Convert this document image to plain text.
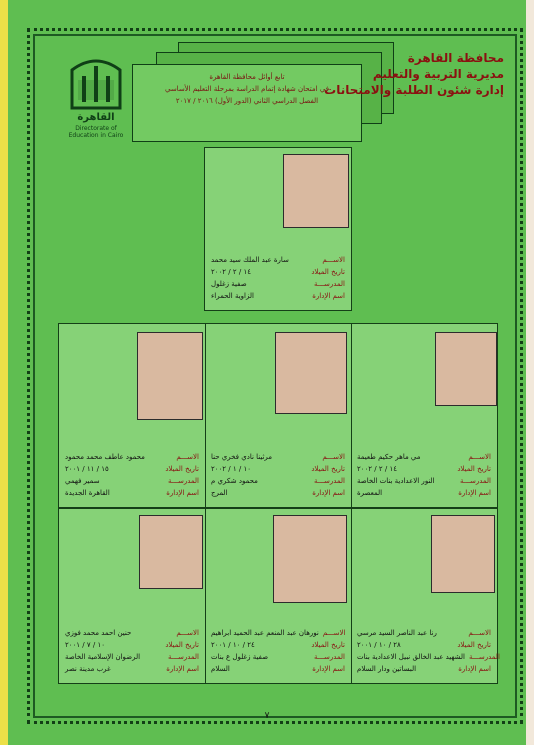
القاهرة
Directorate of Education in Cairo
تابع أوائل محافظة القاهرة
في امتحان شهادة إتمام الدراسة بمرحلة التعليم الأساسي
الفصل الدراسي الثاني (الدور الأول) ٢٠١٦ / ٢٠١٧
محافظة القاهرة
مديرية التربية والتعليم
إدارة شئون الطلبة والامتحانات
سارة عبد الملك سيد محمد	الاســـم
١٤ / ٢ / ٢٠٠٢	تاريخ الميلاد
صفية زغلول	المدرســـة
الزاوية الحمراء	اسم الإدارة
مي ماهر حكيم طعيمة	الاســـم
١٤ / ٢ / ٢٠٠٢	تاريخ الميلاد
النور الاعدادية بنات الخاصة	المدرســـة
المعصرة	اسم الإدارة
مرثينا نادي فخري حنا	الاســـم
١٠ / ١ / ٢٠٠٢	تاريخ الميلاد
محمود شكري م	المدرســـة
المرج	اسم الإدارة
محمود عاطف محمد محمود	الاســـم
١٥ / ١١ / ٢٠٠١	تاريخ الميلاد
سمير فهمي	المدرســـة
القاهرة الجديدة	اسم الإدارة
رنا عبد الناصر السيد مرسي	الاســـم
٢٨ / ١٠ / ٢٠٠١	تاريخ الميلاد
الشهيد عبد الخالق نبيل الاعدادية بنات المدرســـة
البساتين ودار السلام	اسم الإدارة
نورهان عبد المنعم عبد الحميد ابراهيم الاســـم
٢٤ / ١٠ / ٢٠٠١	تاريخ الميلاد
صفية زغلول ع بنات	المدرســـة
السلام	اسم الإدارة
حنين احمد محمد فوزي	الاســـم
١٠ / ٧ / ٢٠٠١	تاريخ الميلاد
الرضوان الإسلامية الخاصة	المدرســـة
غرب مدينة نصر	اسم الإدارة
٧
